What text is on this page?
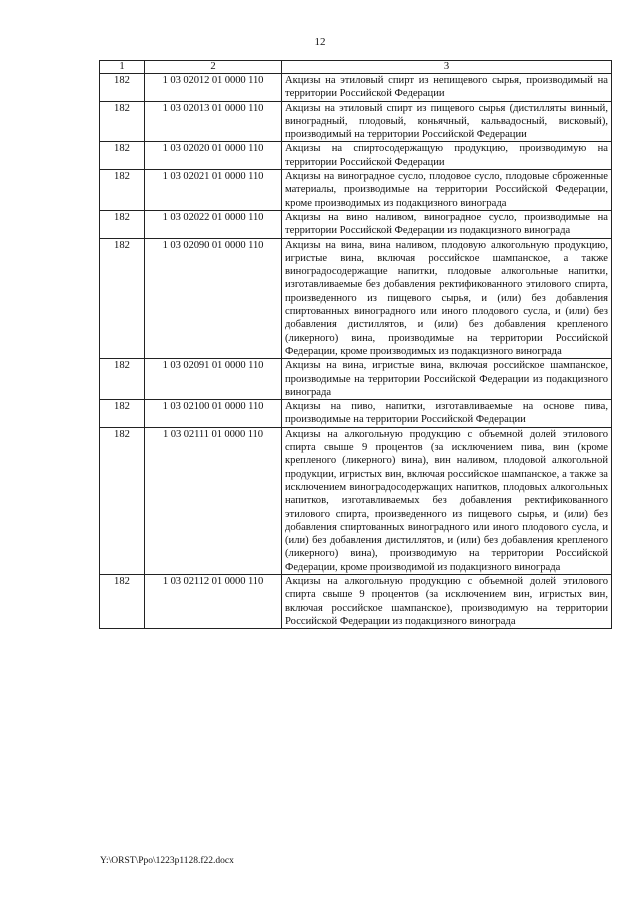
12
1	2	3
182	1 03 02012 01 0000 110	Акцизы на этиловый спирт из непищевого сырья, производимый на территории Российской Федерации
182	1 03 02013 01 0000 110	Акцизы на этиловый спирт из пищевого сырья (дистилляты винный, виноградный, плодовый, коньячный, кальвадосный, висковый), производимый на территории Российской Федерации
182	1 03 02020 01 0000 110	Акцизы на спиртосодержащую продукцию, производимую на территории Российской Федерации
182	1 03 02021 01 0000 110	Акцизы на виноградное сусло, плодовое сусло, плодовые сброженные материалы, производимые на территории Российской Федерации, кроме производимых из подакцизного винограда
182	1 03 02022 01 0000 110	Акцизы на вино наливом, виноградное сусло, производимые на территории Российской Федерации из подакцизного винограда
182	1 03 02090 01 0000 110	Акцизы на вина, вина наливом, плодовую алкогольную продукцию, игристые вина, включая российское шампанское, а также виноградосодержащие напитки, плодовые алкогольные напитки, изготавливаемые без добавления ректификованного этилового спирта, произведенного из пищевого сырья, и (или) без добавления спиртованных виноградного или иного плодового сусла, и (или) без добавления дистиллятов, и (или) без добавления крепленого (ликерного) вина, производимые на территории Российской Федерации, кроме производимых из подакцизного винограда
182	1 03 02091 01 0000 110	Акцизы на вина, игристые вина, включая российское шампанское, производимые на территории Российской Федерации из подакцизного винограда
182	1 03 02100 01 0000 110	Акцизы на пиво, напитки, изготавливаемые на основе пива, производимые на территории Российской Федерации
182	1 03 02111 01 0000 110	Акцизы на алкогольную продукцию с объемной долей этилового спирта свыше 9 процентов (за исключением пива, вин (кроме крепленого (ликерного) вина), вин наливом, плодовой алкогольной продукции, игристых вин, включая российское шампанское, а также за исключением виноградосодержащих напитков, плодовых алкогольных напитков, изготавливаемых без добавления ректификованного этилового спирта, произведенного из пищевого сырья, и (или) без добавления спиртованных виноградного или иного плодового сусла, и (или) без добавления дистиллятов, и (или) без добавления крепленого (ликерного) вина), производимую на территории Российской Федерации, кроме производимой из подакцизного винограда
182	1 03 02112 01 0000 110	Акцизы на алкогольную продукцию с объемной долей этилового спирта свыше 9 процентов (за исключением вин, игристых вин, включая российское шампанское), производимую на территории Российской Федерации из подакцизного винограда
Y:\ORST\Ppo\1223p1128.f22.docx
